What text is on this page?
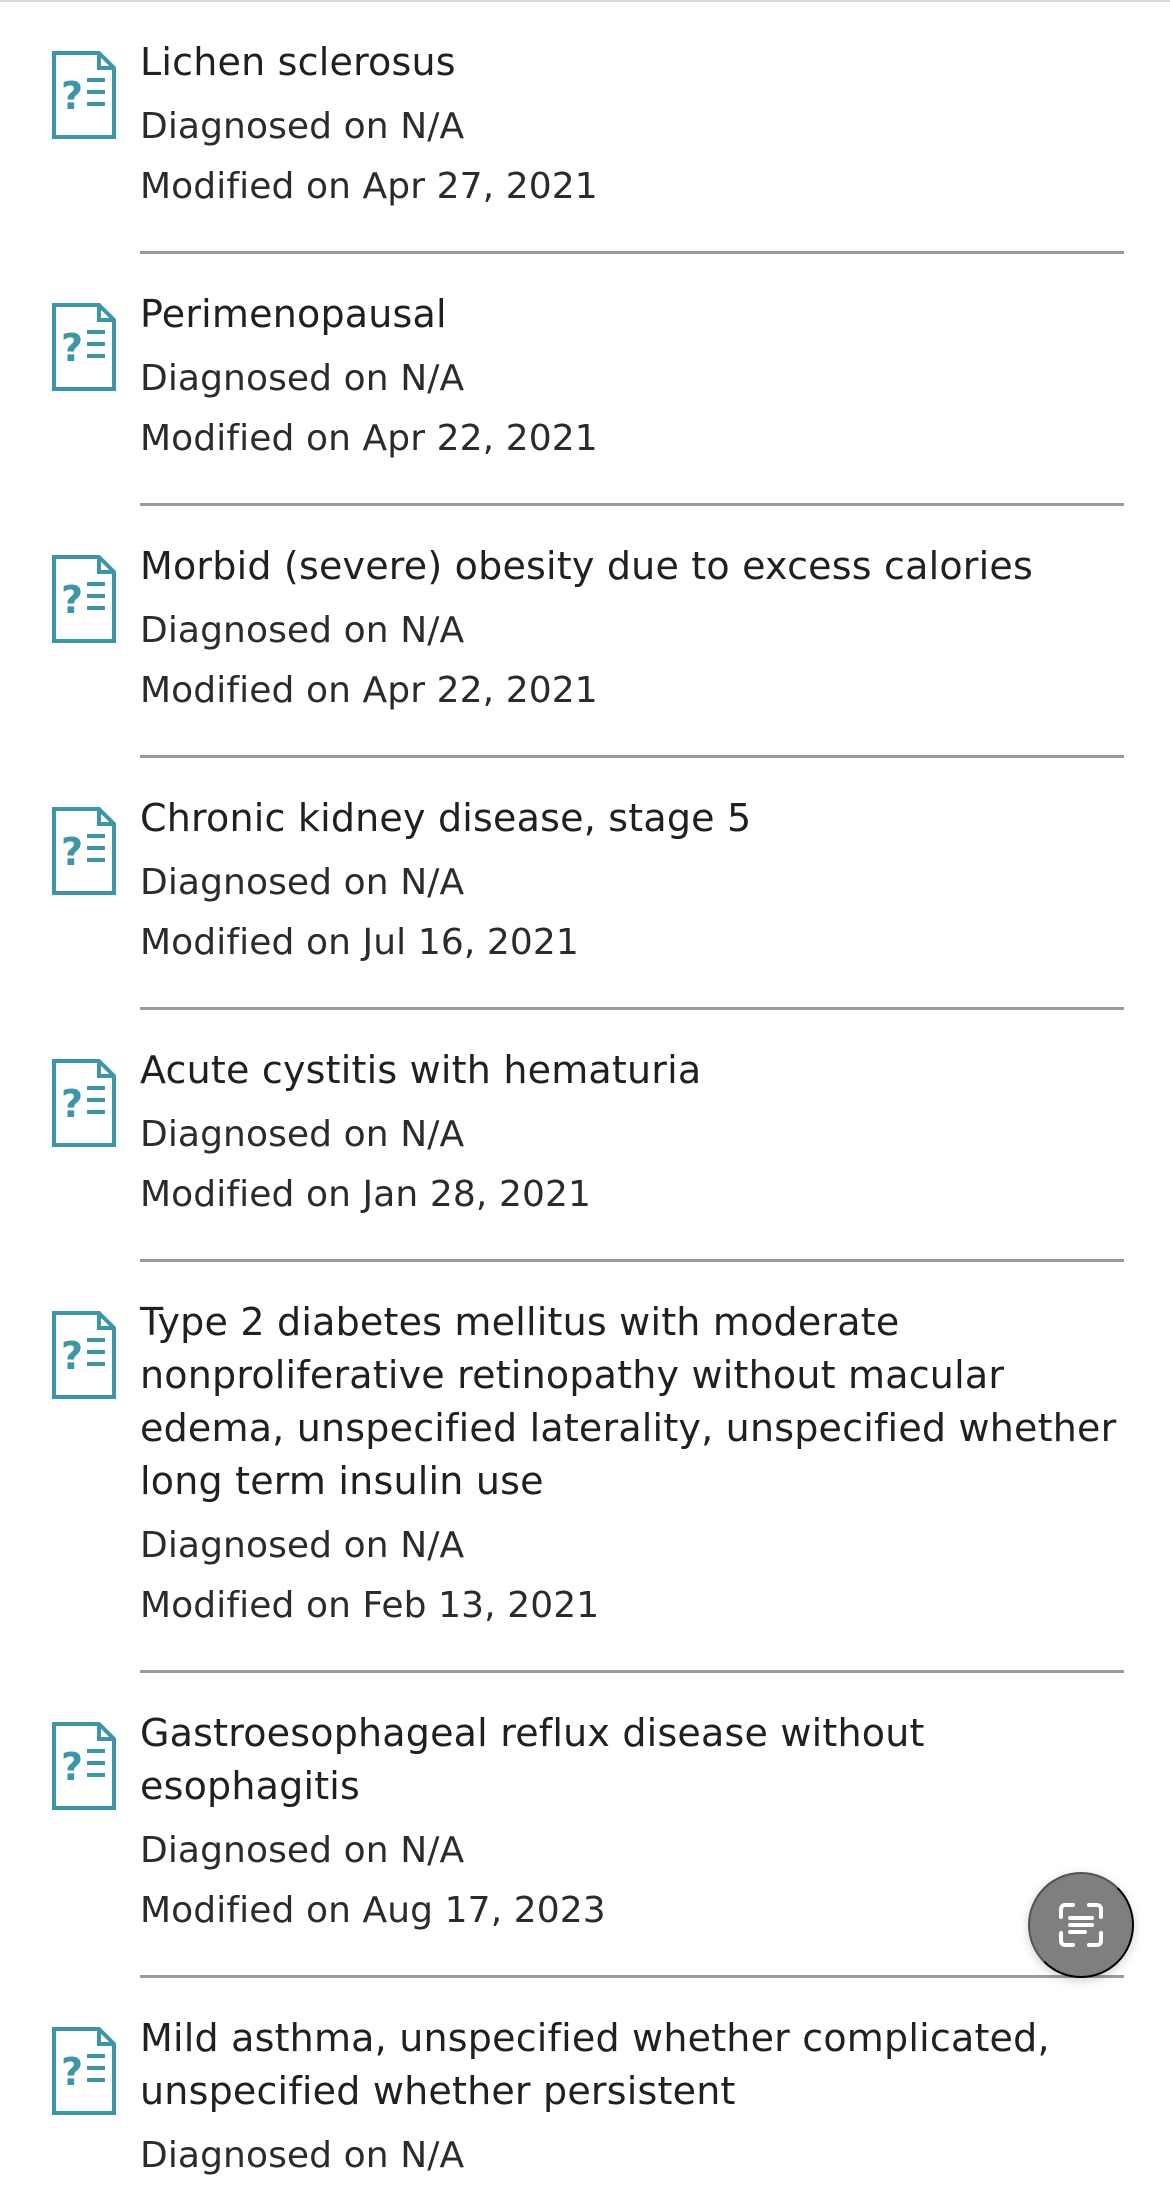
?
Lichen sclerosus
Diagnosed on N/A
Modified on Apr 27, 2021
?
Perimenopausal
Diagnosed on N/A
Modified on Apr 22, 2021
?
Morbid (severe) obesity due to excess calories
Diagnosed on N/A
Modified on Apr 22, 2021
?
Chronic kidney disease, stage 5
Diagnosed on N/A
Modified on Jul 16, 2021
?
Acute cystitis with hematuria
Diagnosed on N/A
Modified on Jan 28, 2021
?
Type 2 diabetes mellitus with moderate nonproliferative retinopathy without macular edema, unspecified laterality, unspecified whether long term insulin use
Diagnosed on N/A
Modified on Feb 13, 2021
?
Gastroesophageal reflux disease without esophagitis
Diagnosed on N/A
Modified on Aug 17, 2023
?
Mild asthma, unspecified whether complicated, unspecified whether persistent
Diagnosed on N/A
